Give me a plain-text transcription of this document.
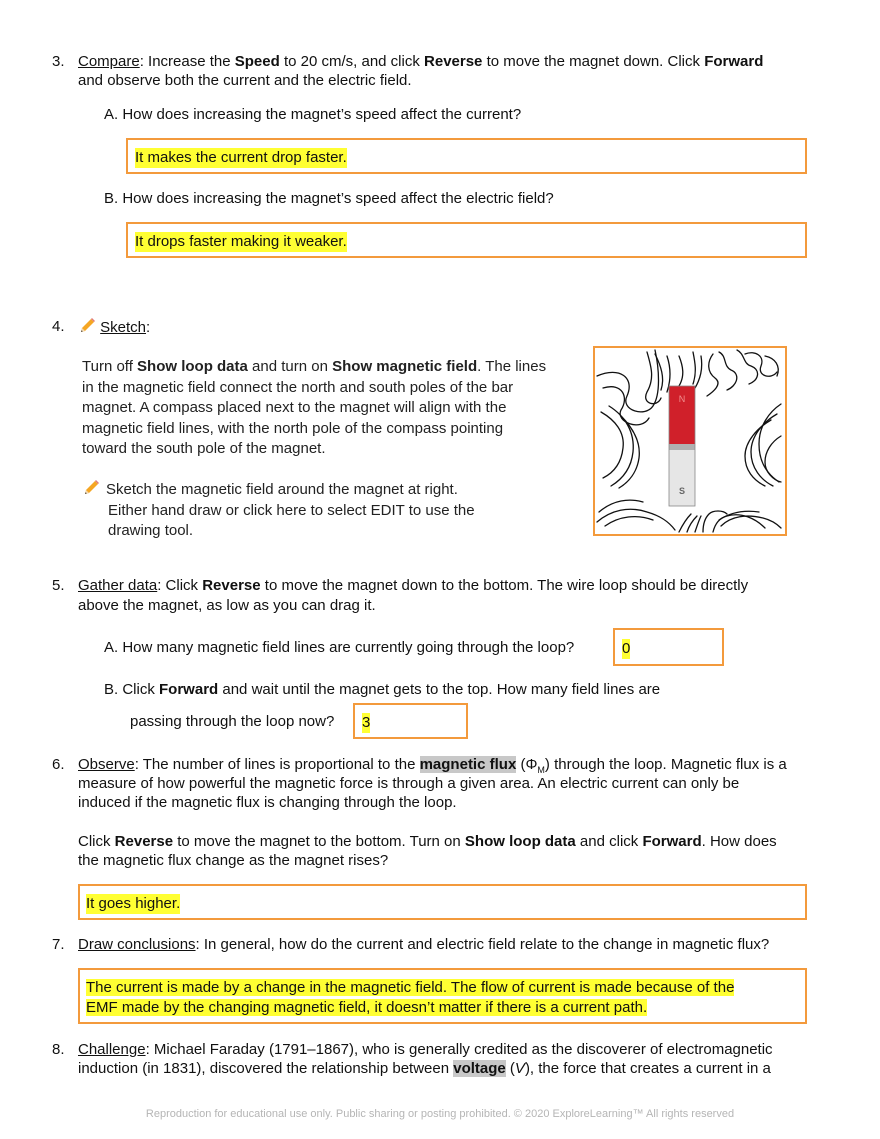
3. Compare: Increase the Speed to 20 cm/s, and click Reverse to move the magnet down. Click Forward
and observe both the current and the electric field.
A. How does increasing the magnet’s speed affect the current?
It makes the current drop faster.
B. How does increasing the magnet’s speed affect the electric field?
It drops faster making it weaker.
4.	Sketch:
Turn off Show loop data and turn on Show magnetic field. The lines
in the magnetic field connect the north and south poles of the bar
magnet. A compass placed next to the magnet will align with the
magnetic field lines, with the north pole of the compass pointing
toward the south pole of the magnet.
Sketch the magnetic field around the magnet at right.
Either hand draw or click here to select EDIT to use the
drawing tool.
N
S
5. Gather data: Click Reverse to move the magnet down to the bottom. The wire loop should be directly
above the magnet, as low as you can drag it.
A. How many magnetic field lines are currently going through the loop?	0
B. Click Forward and wait until the magnet gets to the top. How many field lines are
passing through the loop now? 3
6. Observe: The number of lines is proportional to the magnetic flux $(\Phi_M)$ through the loop. Magnetic flux is a
measure of how powerful the magnetic force is through a given area. An electric current can only be
induced if the magnetic flux is changing through the loop.
Click Reverse to move the magnet to the bottom. Turn on Show loop data and click Forward. How does
the magnetic flux change as the magnet rises?
It goes higher.
7. Draw conclusions: In general, how do the current and electric field relate to the change in magnetic flux?
The current is made by a change in the magnetic field. The flow of current is made because of the
EMF made by the changing magnetic field, it doesn’t matter if there is a current path.
8. Challenge: Michael Faraday (1791–1867), who is generally credited as the discoverer of electromagnetic
induction (in 1831), discovered the relationship between voltage (V), the force that creates a current in a
Reproduction for educational use only. Public sharing or posting prohibited. © 2020 ExploreLearning™ All rights reserved
